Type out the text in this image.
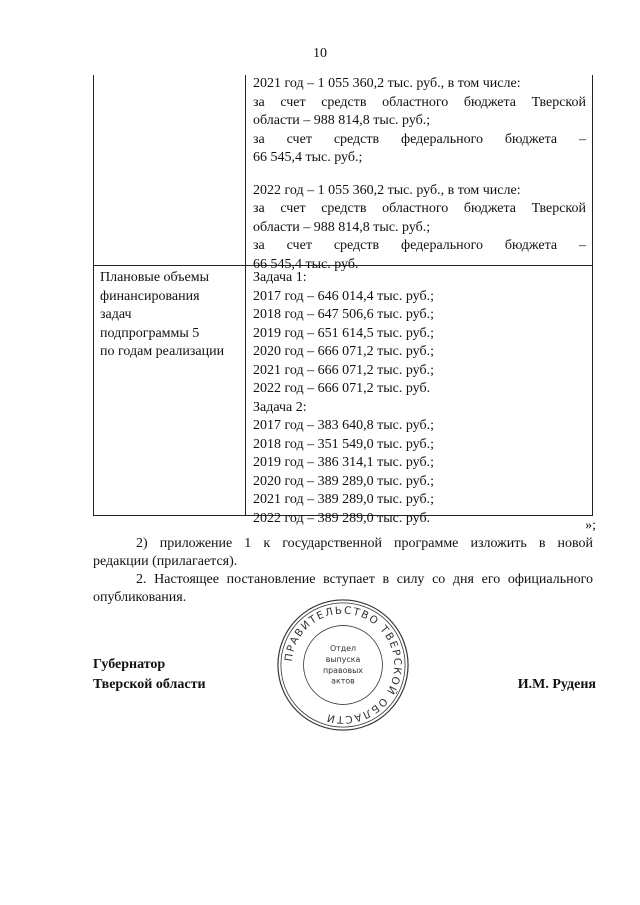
10
2021 год – 1 055 360,2 тыс. руб., в том числе:
за счет средств областного бюджета Тверской
области – 988 814,8 тыс. руб.;
за счет средств федерального бюджета –
66 545,4 тыс. руб.;
2022 год – 1 055 360,2 тыс. руб., в том числе:
за счет средств областного бюджета Тверской
области – 988 814,8 тыс. руб.;
за счет средств федерального бюджета –
66 545,4 тыс. руб.
Плановые объемы
финансирования
задач
подпрограммы 5
по годам реализации
Задача 1:
2017 год – 646 014,4 тыс. руб.;
2018 год – 647 506,6 тыс. руб.;
2019 год – 651 614,5 тыс. руб.;
2020 год – 666 071,2 тыс. руб.;
2021 год – 666 071,2 тыс. руб.;
2022 год – 666 071,2 тыс. руб.
Задача 2:
2017 год – 383 640,8 тыс. руб.;
2018 год – 351 549,0 тыс. руб.;
2019 год – 386 314,1 тыс. руб.;
2020 год – 389 289,0 тыс. руб.;
2021 год – 389 289,0 тыс. руб.;
2022 год – 389 289,0 тыс. руб.	»;
2) приложение 1 к государственной программе изложить в новой
редакции (прилагается).
2. Настоящее постановление вступает в силу со дня его официального
опубликования.
Губернатор
Тверской области	И.М. Руденя
ПРАВИТЕЛЬСТВО ТВЕРСКОЙ ОБЛАСТИ
Отдел
выпуска
правовых
актов
